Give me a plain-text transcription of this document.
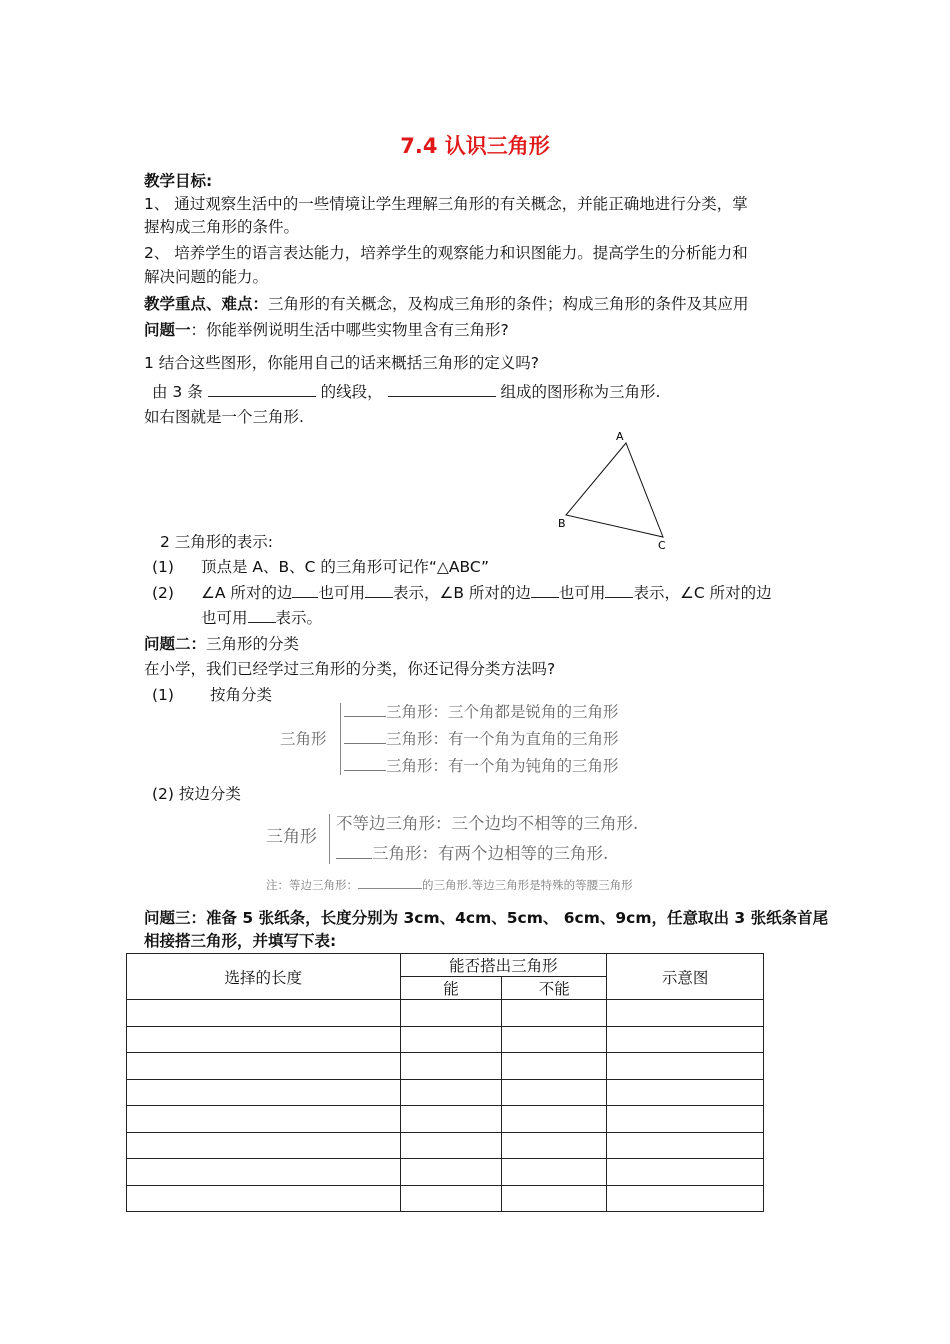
7.4 认识三角形
教学目标:
1、 通过观察生活中的一些情境让学生理解三角形的有关概念，并能正确地进行分类，掌
握构成三角形的条件。
2、 培养学生的语言表达能力，培养学生的观察能力和识图能力。提高学生的分析能力和
解决问题的能力。
教学重点、难点：三角形的有关概念，及构成三角形的条件；构成三角形的条件及其应用
问题一：你能举例说明生活中哪些实物里含有三角形?
1 结合这些图形，你能用自己的话来概括三角形的定义吗?
由 3 条	的线段，	组成的图形称为三角形.
如右图就是一个三角形.
A
B
C
2 三角形的表示:
(1) 顶点是 A、B、C 的三角形可记作“△ABC”
(2) ∠A 所对的边 也可用 表示，∠B 所对的边 也可用 表示，∠C 所对的边
也可用 表示。
问题二：三角形的分类
在小学，我们已经学过三角形的分类，你还记得分类方法吗?
(1) 按角分类
三角形
三角形：三个角都是锐角的三角形
三角形：有一个角为直角的三角形
三角形：有一个角为钝角的三角形
(2) 按边分类
三角形
不等边三角形：三个边均不相等的三角形.
三角形：有两个边相等的三角形.
注：等边三角形：	的三角形.等边三角形是特殊的等腰三角形
问题三：准备 5 张纸条，长度分别为 3cm、4cm、5cm、 6cm、9cm，任意取出 3 张纸条首尾
相接搭三角形，并填写下表:
选择的长度	能否搭出三角形		示意图
	能	不能	
